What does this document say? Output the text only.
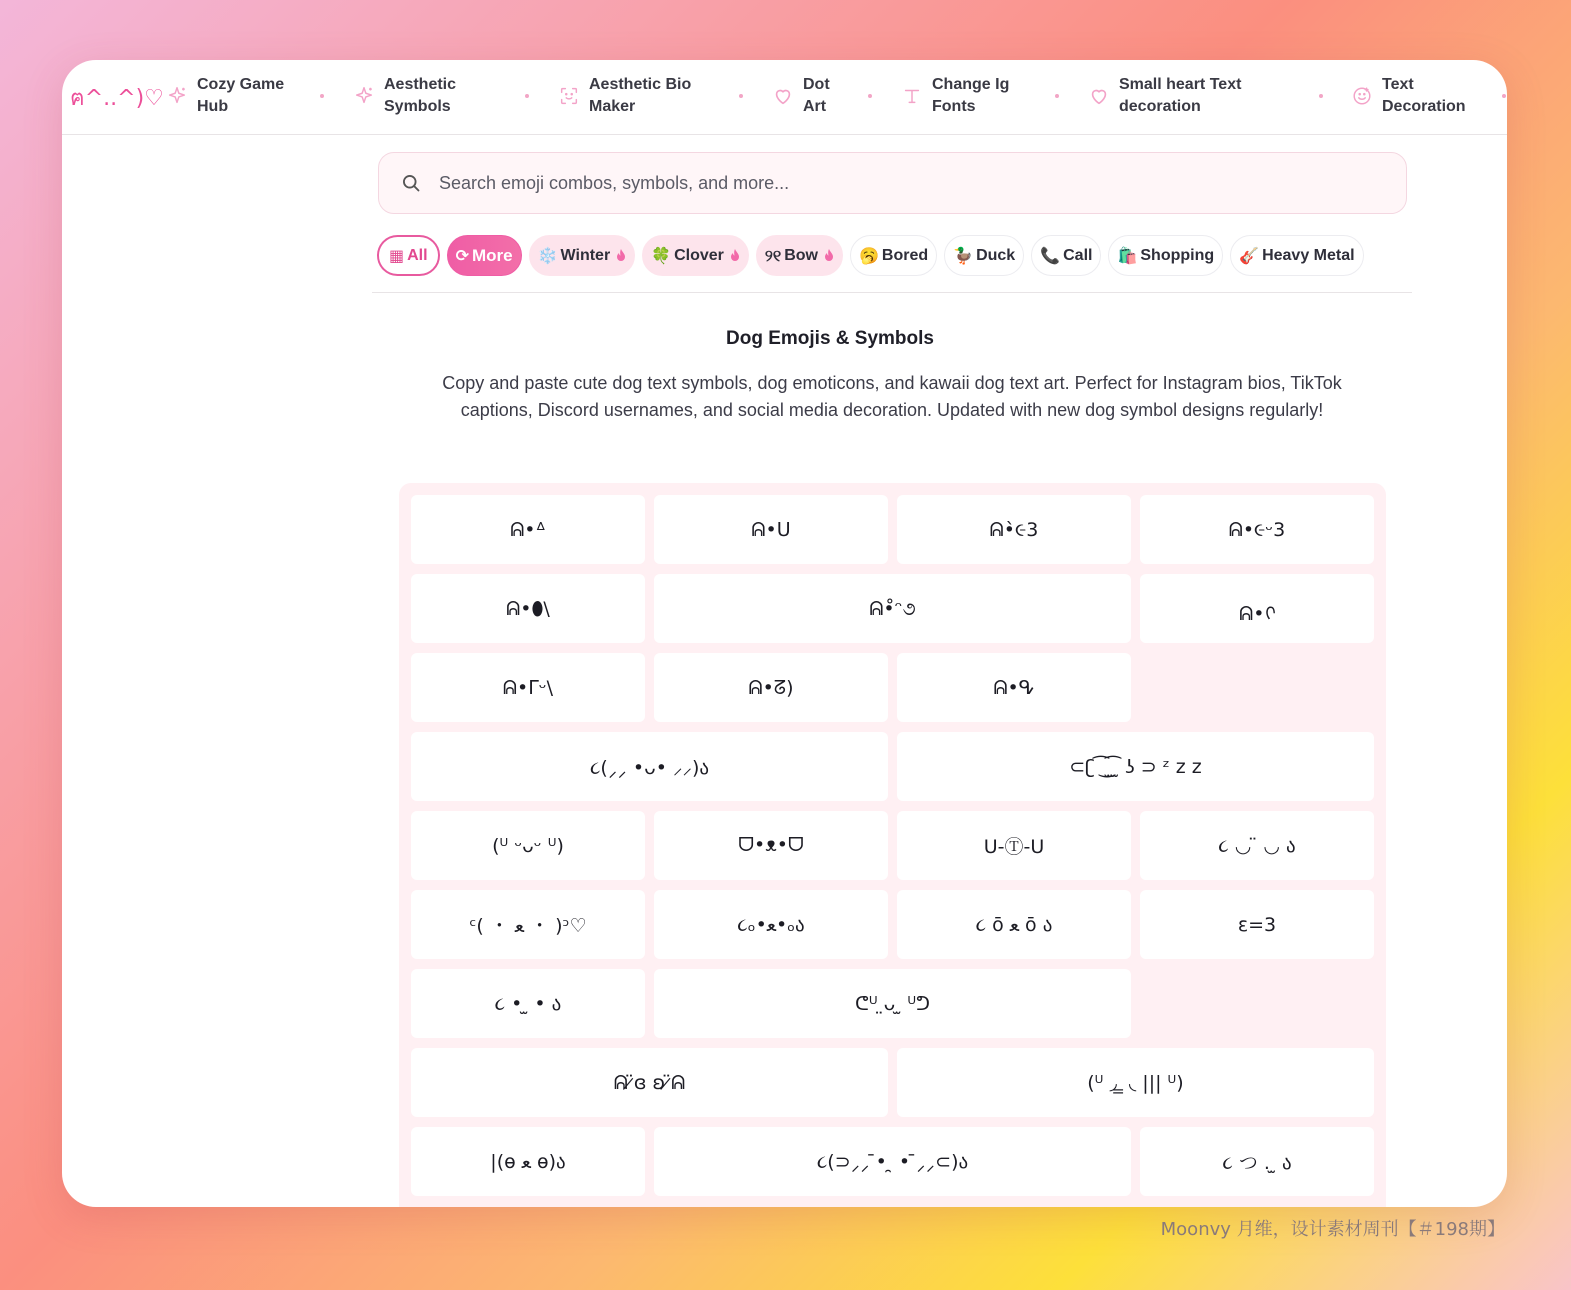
ฅ^..^)♡
Cozy Game
Hub
Aesthetic
Symbols
Aesthetic Bio
Maker
Dot
Art
Change Ig
Fonts
Small heart Text
decoration
Text
Decoration
Search emoji combos, symbols, and more...
▦ All ⟳ More ❄️ Winter	🍀 Clover	୨୧ Bow	🥱 Bored 🦆 Duck 📞 Call 🛍️ Shopping 🎸 Heavy Metal
Dog Emojis & Symbols
Copy and paste cute dog text symbols, dog emoticons, and kawaii dog text art. Perfect for Instagram bios, TikTok captions, Discord usernames, and social media decoration. Updated with new dog symbol designs regularly!
ᕱ•ᐞ	ᕱ•ᑌ	ᕱ•̀૯3	ᕱ•૯ᵕ3
ᕱ•⬮\	ᕱ•̊ᵔ૭	ᕱ•ᢉ
ᕱ•ᒥᵕ\	ᕱ•ᘔ)	ᕱ•ᕴ
૮(⸝⸝ •ᴗ• ⸝⸝)ა	⊂ʗ ͡ ͜ ̫͡ ̫ ʖ ⊃ ᶻ z 𝗓
(ᵁ ᵕᴗᵕ ᵁ)	ᗜ•ᴥ•ᗜ	U-Ⓣ-U	૮ ◡ ̈ ◡ ა
ᶜ( ・ ﻌ ・ )ᵓ♡	૮ₒ•ﻌ•ₒა	૮ ō ﻌ ō ა	ε=3
૮ • ̫ • ა	ᕦᵁ ̤ᴗ ̫ ᵁᕤ
ᕱ ̷̈ɞ ʚ ̷̈ᕱ	(ᵁ ◞ ̳ ◟ ||| ᵁ)
|(ɵ ﻌ ɵ)ა	૮(⊃⸝⸝ ̄• ̯ • ̄⸝⸝⊂)ა	૮ つ . ̫ ა
Moonvy 月维，设计素材周刊【＃198期】
